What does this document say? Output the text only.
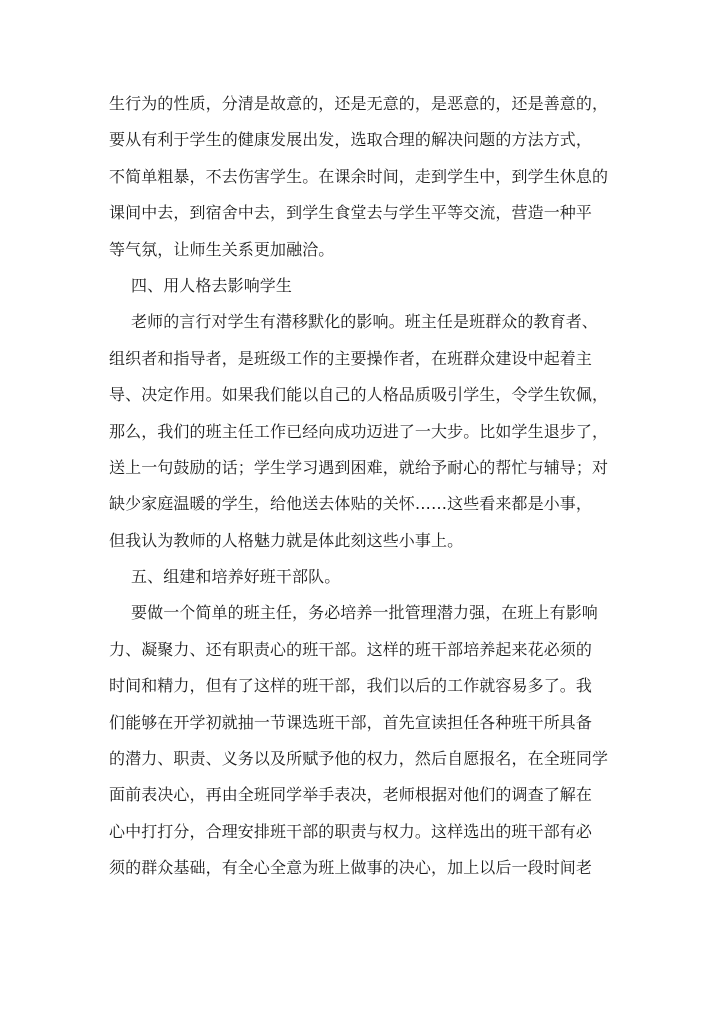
生行为的性质，分清是故意的，还是无意的，是恶意的，还是善意的，
要从有利于学生的健康发展出发，选取合理的解决问题的方法方式，
不简单粗暴，不去伤害学生。在课余时间，走到学生中，到学生休息的
课间中去，到宿舍中去，到学生食堂去与学生平等交流，营造一种平
等气氛，让师生关系更加融洽。
四、用人格去影响学生
老师的言行对学生有潜移默化的影响。班主任是班群众的教育者、
组织者和指导者，是班级工作的主要操作者，在班群众建设中起着主
导、决定作用。如果我们能以自己的人格品质吸引学生，令学生钦佩，
那么，我们的班主任工作已经向成功迈进了一大步。比如学生退步了，
送上一句鼓励的话；学生学习遇到困难，就给予耐心的帮忙与辅导；对
缺少家庭温暖的学生，给他送去体贴的关怀……这些看来都是小事，
但我认为教师的人格魅力就是体此刻这些小事上。
五、组建和培养好班干部队。
要做一个简单的班主任，务必培养一批管理潜力强，在班上有影响
力、凝聚力、还有职责心的班干部。这样的班干部培养起来花必须的
时间和精力，但有了这样的班干部，我们以后的工作就容易多了。我
们能够在开学初就抽一节课选班干部，首先宣读担任各种班干所具备
的潜力、职责、义务以及所赋予他的权力，然后自愿报名，在全班同学
面前表决心，再由全班同学举手表决，老师根据对他们的调查了解在
心中打打分，合理安排班干部的职责与权力。这样选出的班干部有必
须的群众基础，有全心全意为班上做事的决心，加上以后一段时间老
